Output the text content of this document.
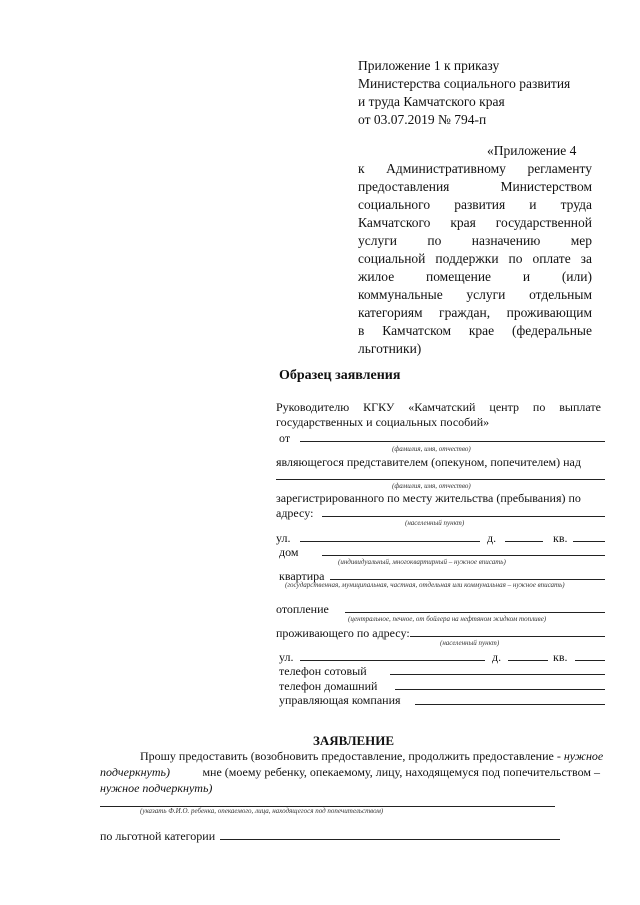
Приложение 1 к приказу
Министерства социального развития
и труда Камчатского края
от 03.07.2019 № 794-п
«Приложение 4
к Административному регламенту
предоставления Министерством
социального развития и труда
Камчатского края государственной
услуги по назначению мер
социальной поддержки по оплате за
жилое помещение и (или)
коммунальные услуги отдельным
категориям граждан, проживающим
в Камчатском крае (федеральные
льготники)
Образец заявления
Руководителю КГКУ «Камчатский центр по выплате
государственных и социальных пособий»
от
(фамилия, имя, отчество)
являющегося представителем (опекуном, попечителем) над
(фамилия, имя, отчество)
зарегистрированного по месту жительства (пребывания) по
адресу:
(населенный пункт)
ул.	д.	кв.
дом
(индивидуальный, многоквартирный – нужное вписать)
квартира
(государственная, муниципальная, частная, отдельная или коммунальная – нужное вписать)
отопление
(центральное, печное, от бойлера на нефтяном жидком топливе)
проживающего по адресу:
(населенный пункт)
ул.	д.	кв.
телефон сотовый
телефон домашний
управляющая компания
ЗАЯВЛЕНИЕ
Прошу предоставить (возобновить предоставление, продолжить предоставление - нужное
подчеркнуть)	мне (моему ребенку, опекаемому, лицу, находящемуся под попечительством –
нужное подчеркнуть)
(указать Ф.И.О. ребенка, опекаемого, лица, находящегося под попечительством)
по льготной категории
